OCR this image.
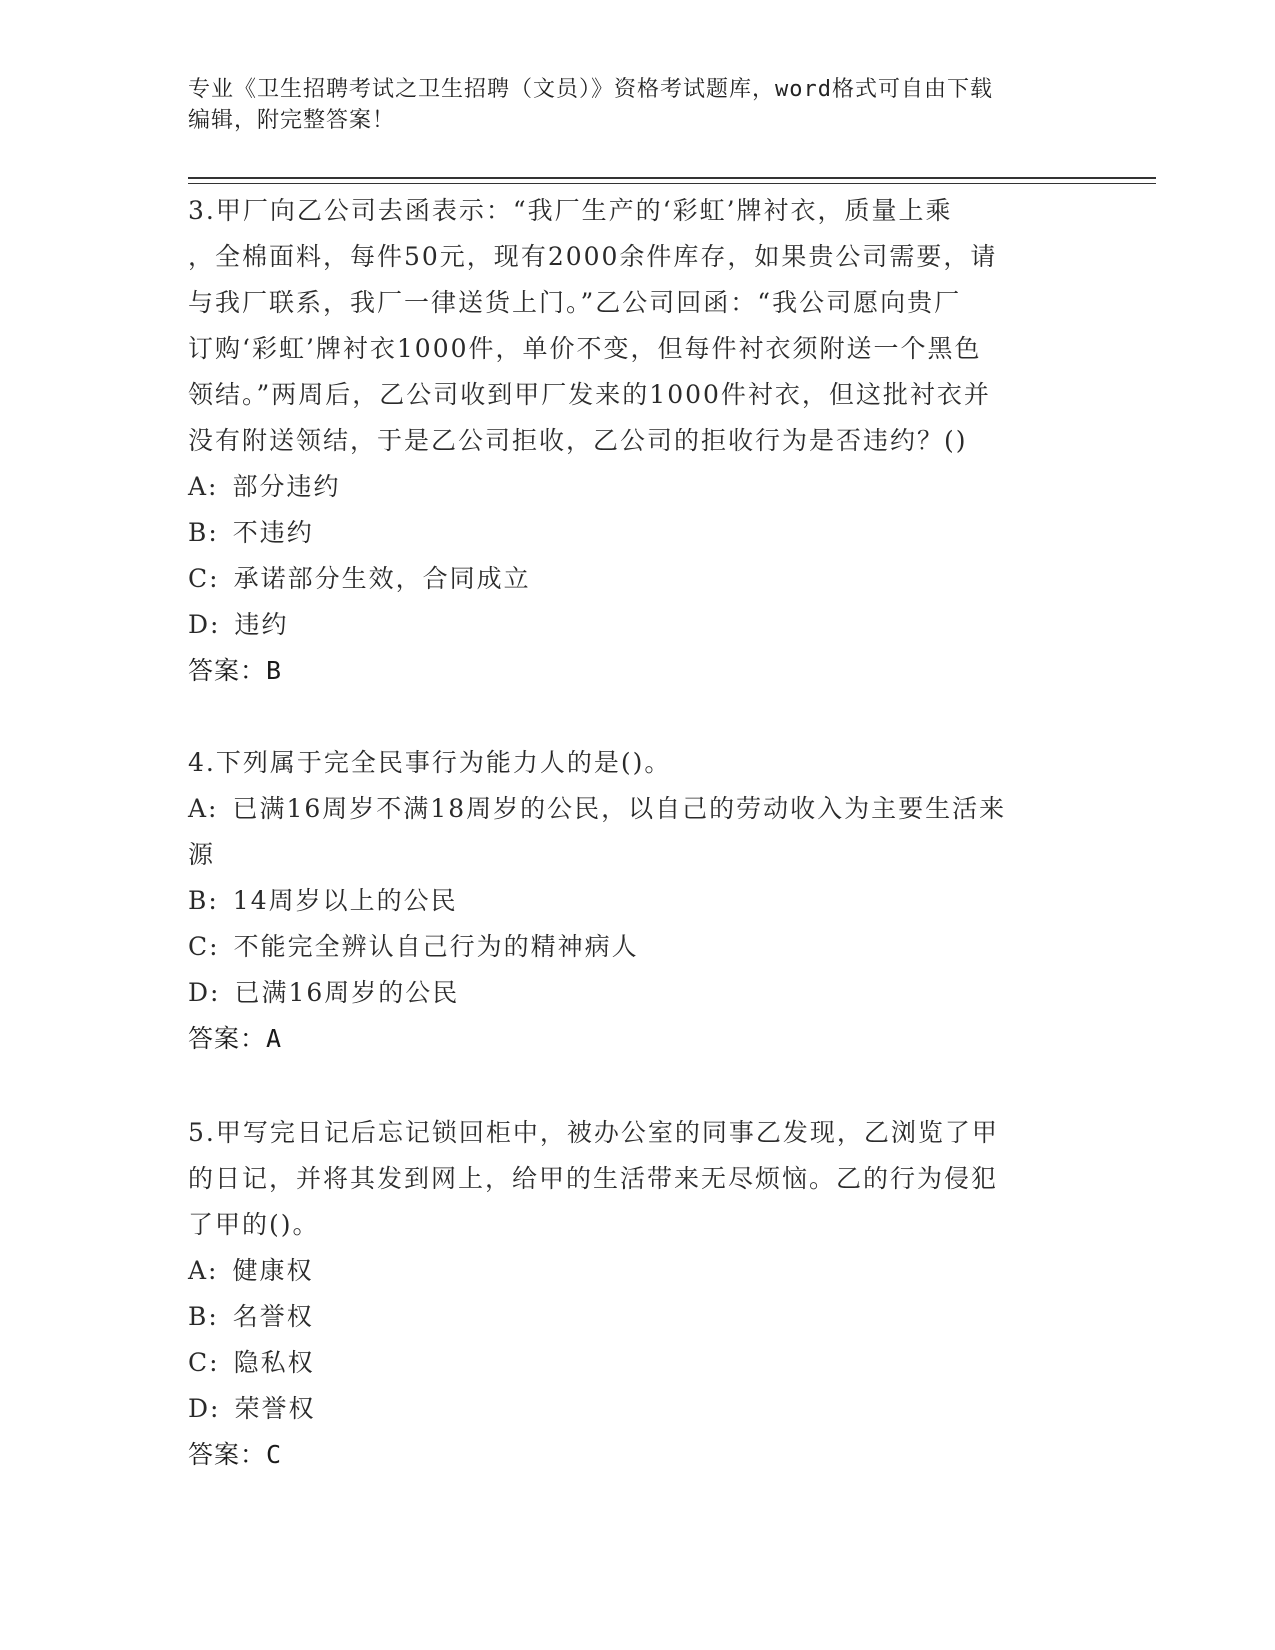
专业《卫生招聘考试之卫生招聘（文员）》资格考试题库，word格式可自由下载
编辑，附完整答案！

3.甲厂向乙公司去函表示：“我厂生产的‘彩虹’牌衬衣，质量上乘

，全棉面料，每件50元，现有2000余件库存，如果贵公司需要，请

与我厂联系，我厂一律送货上门。”乙公司回函：“我公司愿向贵厂

订购‘彩虹’牌衬衣1000件，单价不变，但每件衬衣须附送一个黑色

领结。”两周后，乙公司收到甲厂发来的1000件衬衣，但这批衬衣并

没有附送领结，于是乙公司拒收，乙公司的拒收行为是否违约？()

A: 部分违约
B: 不违约
C: 承诺部分生效，合同成立
D: 违约

答案：B

4.下列属于完全民事行为能力人的是()。

A: 已满16周岁不满18周岁的公民，以自己的劳动收入为主要生活来
源
B: 14周岁以上的公民
C: 不能完全辨认自己行为的精神病人
D: 已满16周岁的公民

答案：A

5.甲写完日记后忘记锁回柜中，被办公室的同事乙发现，乙浏览了甲

的日记，并将其发到网上，给甲的生活带来无尽烦恼。乙的行为侵犯

了甲的()。

A: 健康权
B: 名誉权
C: 隐私权
D: 荣誉权

答案：C
